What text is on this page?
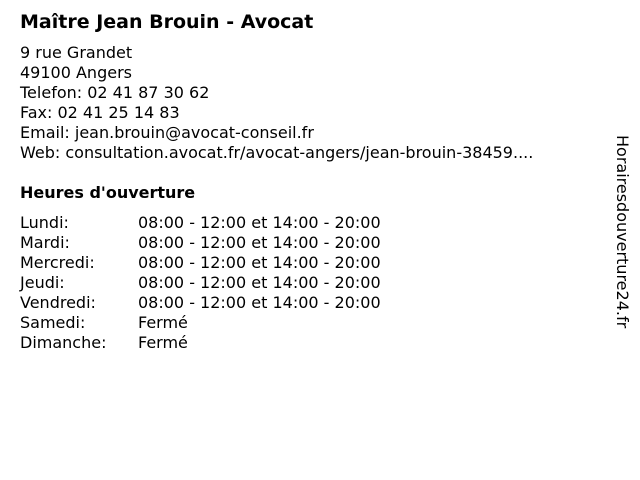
Maître Jean Brouin - Avocat
9 rue Grandet
49100 Angers
Telefon: 02 41 87 30 62
Fax: 02 41 25 14 83
Email: jean.brouin@avocat-conseil.fr
Web: consultation.avocat.fr/avocat-angers/jean-brouin-38459....
Heures d'ouverture
Lundi:	08:00 - 12:00 et 14:00 - 20:00
Mardi:	08:00 - 12:00 et 14:00 - 20:00
Mercredi:	08:00 - 12:00 et 14:00 - 20:00
Jeudi:	08:00 - 12:00 et 14:00 - 20:00
Vendredi:	08:00 - 12:00 et 14:00 - 20:00
Samedi:	Fermé
Dimanche:	Fermé
Horairesdouverture24.fr
